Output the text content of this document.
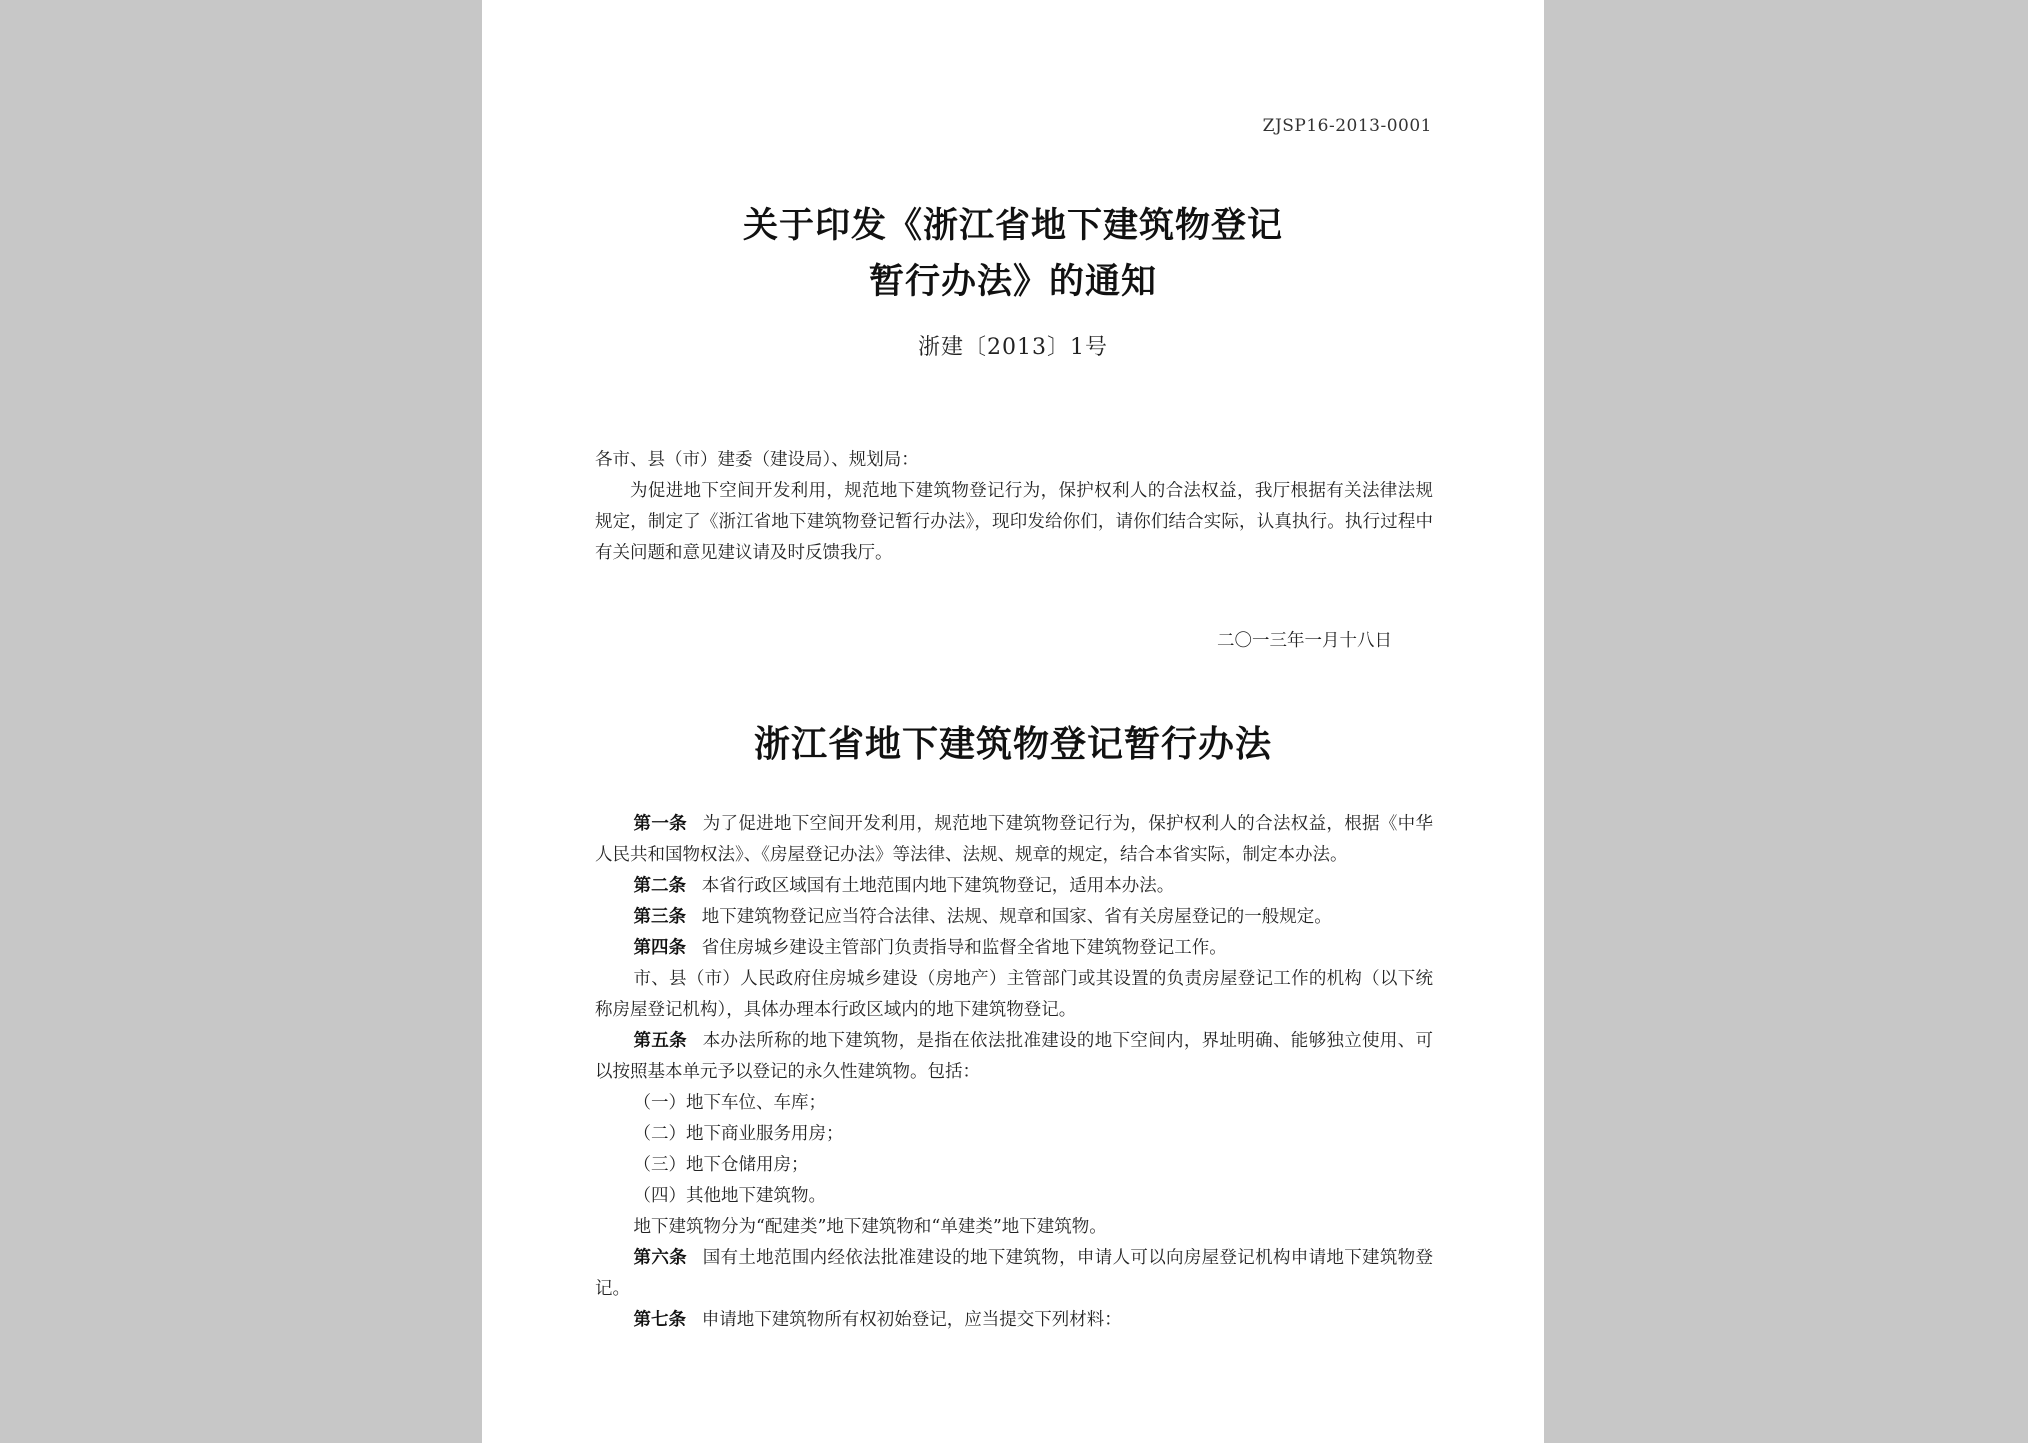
ZJSP16-2013-0001
关于印发《浙江省地下建筑物登记
暂行办法》的通知
浙建〔2013〕1号
各市、县（市）建委（建设局）、规划局：
为促进地下空间开发利用，规范地下建筑物登记行为，保护权利人的合法权益，我厅根据有关法律法规规定，制定了《浙江省地下建筑物登记暂行办法》，现印发给你们，请你们结合实际，认真执行。执行过程中有关问题和意见建议请及时反馈我厅。
二〇一三年一月十八日
浙江省地下建筑物登记暂行办法

第一条 为了促进地下空间开发利用，规范地下建筑物登记行为，保护权利人的合法权益，根据《中华人民共和国物权法》、《房屋登记办法》等法律、法规、规章的规定，结合本省实际，制定本办法。

第二条 本省行政区域国有土地范围内地下建筑物登记，适用本办法。

第三条 地下建筑物登记应当符合法律、法规、规章和国家、省有关房屋登记的一般规定。

第四条 省住房城乡建设主管部门负责指导和监督全省地下建筑物登记工作。

市、县（市）人民政府住房城乡建设（房地产）主管部门或其设置的负责房屋登记工作的机构（以下统称房屋登记机构），具体办理本行政区域内的地下建筑物登记。

第五条 本办法所称的地下建筑物，是指在依法批准建设的地下空间内，界址明确、能够独立使用、可以按照基本单元予以登记的永久性建筑物。包括：

（一）地下车位、车库；

（二）地下商业服务用房；

（三）地下仓储用房；

（四）其他地下建筑物。

地下建筑物分为“配建类”地下建筑物和“单建类”地下建筑物。

第六条 国有土地范围内经依法批准建设的地下建筑物，申请人可以向房屋登记机构申请地下建筑物登记。

第七条 申请地下建筑物所有权初始登记，应当提交下列材料：
